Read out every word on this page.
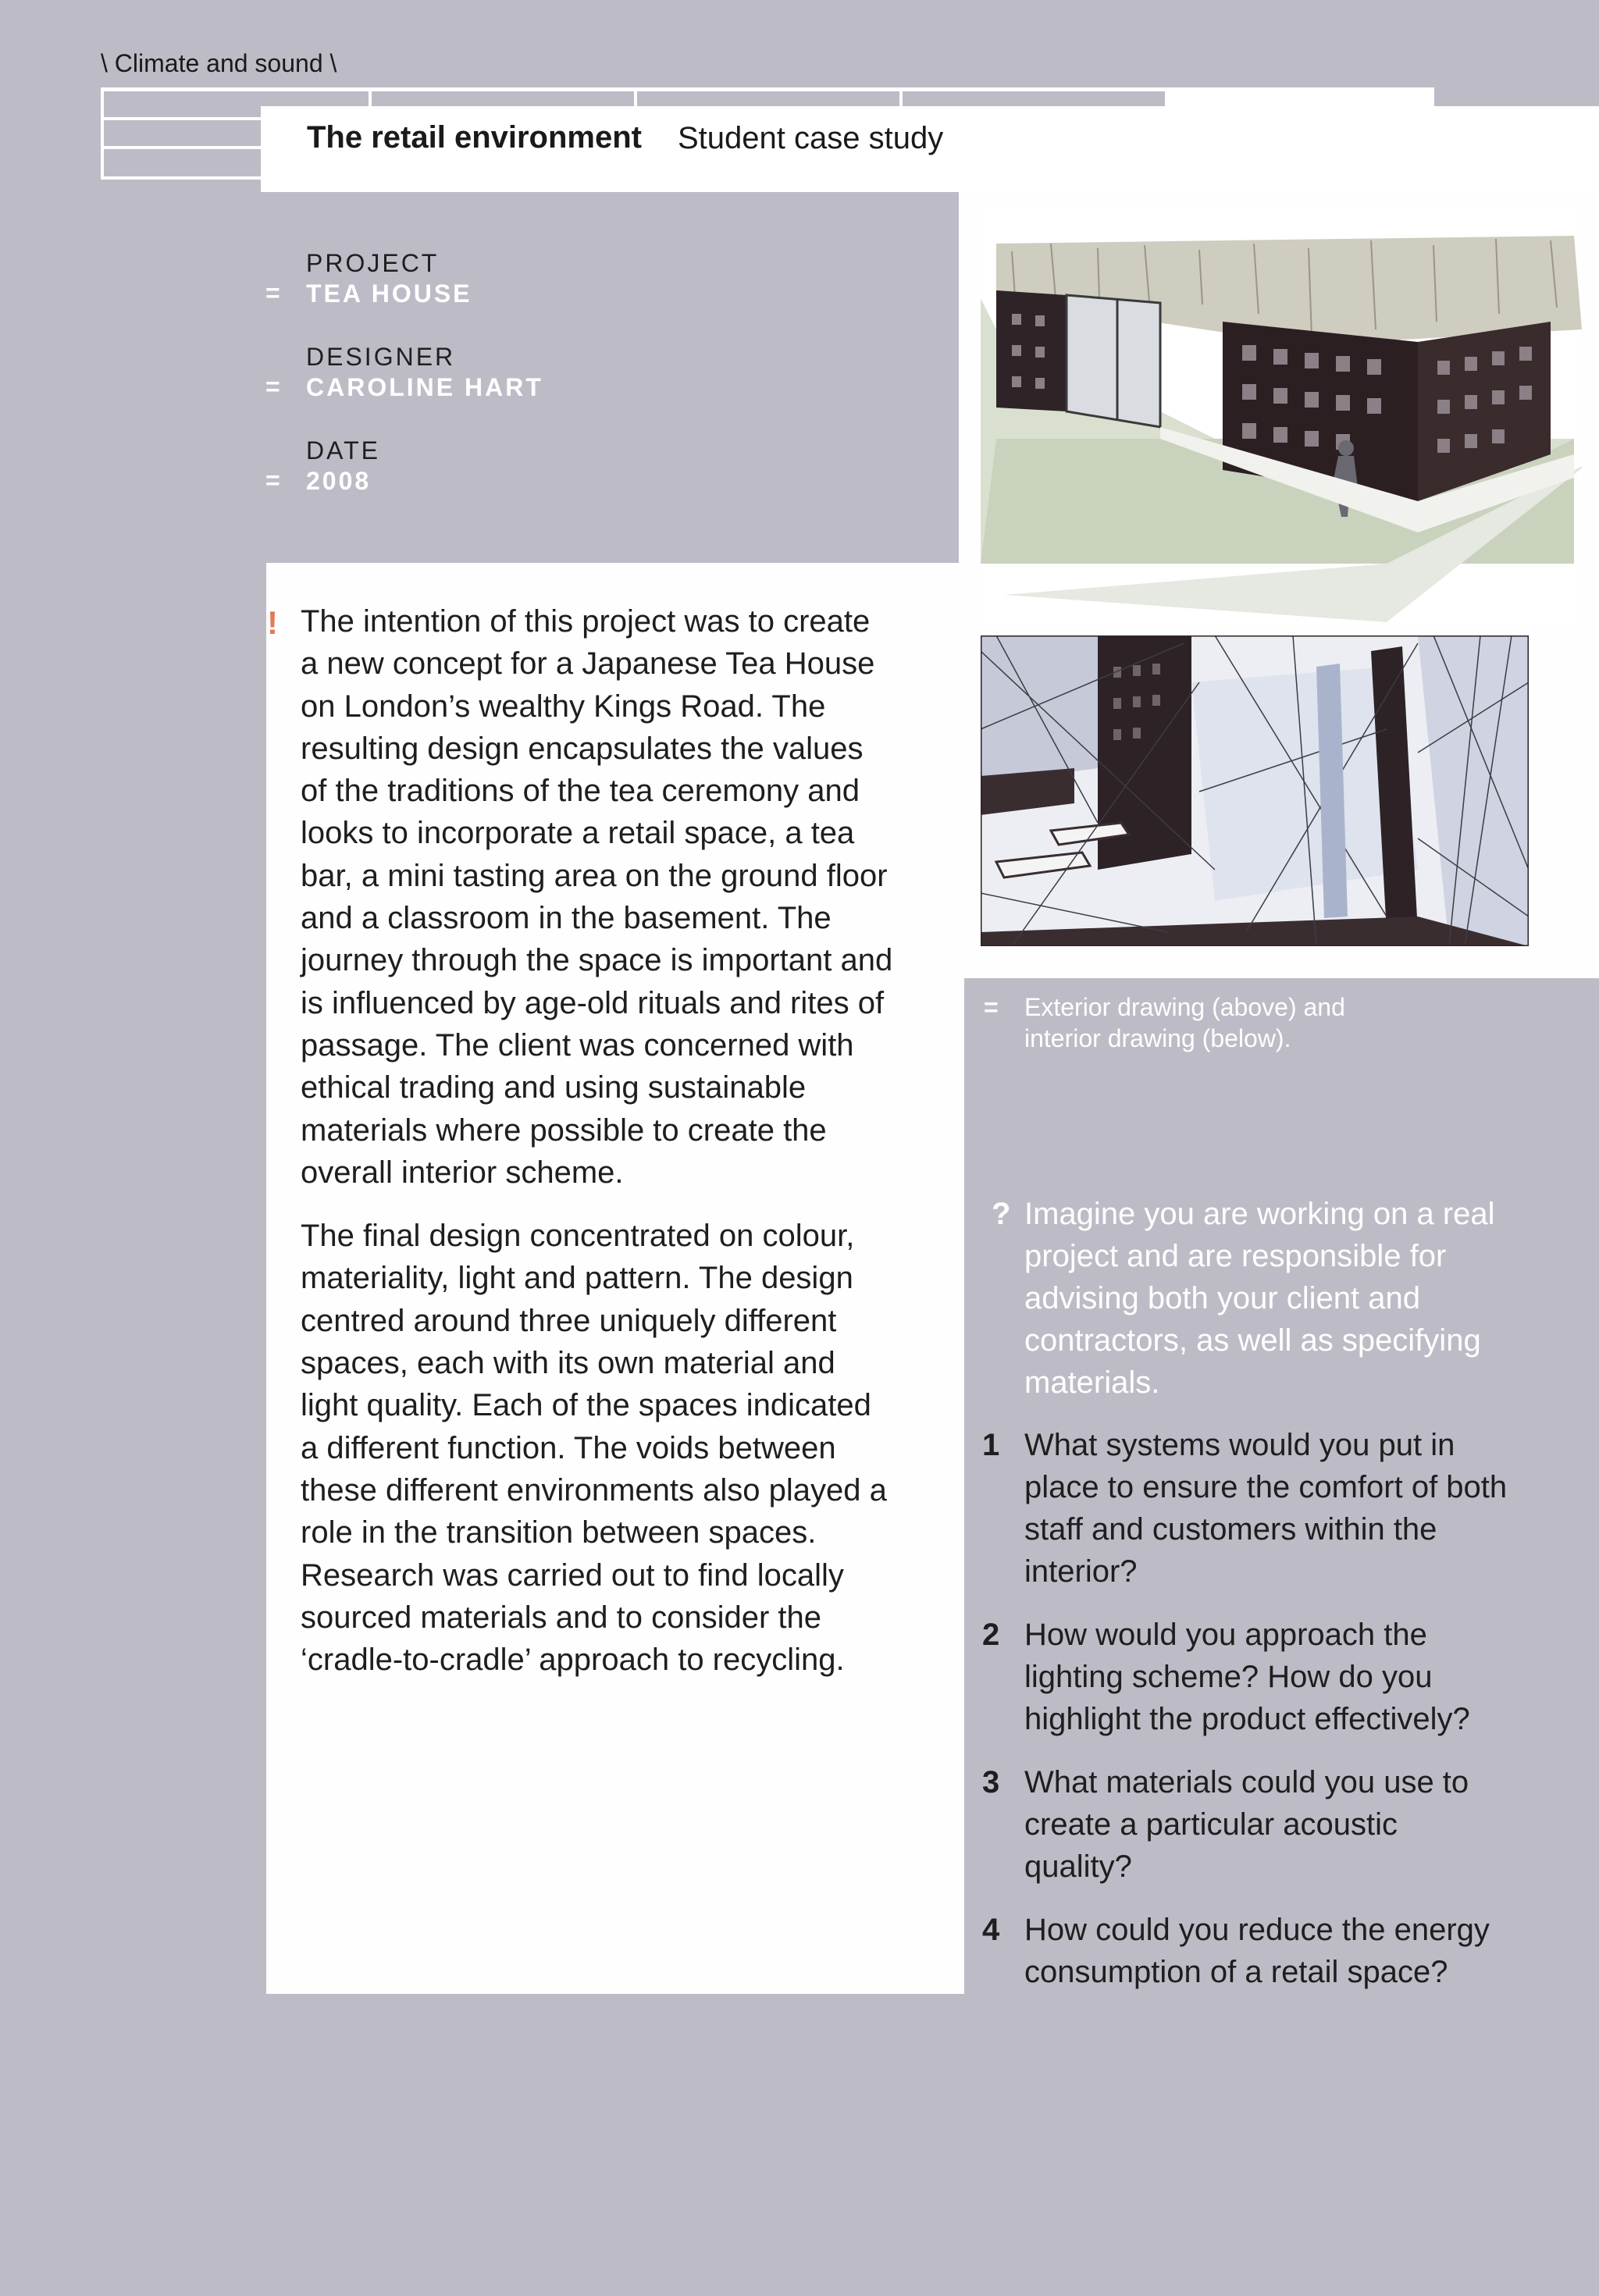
\ Climate and sound \
The retail environment Student case study
PROJECT
TEA HOUSE
=
DESIGNER
CAROLINE HART
=
DATE
2008
=
! The intention of this project was to create a new concept for a Japanese Tea House on London’s wealthy Kings Road. The resulting design encapsulates the values of the traditions of the tea ceremony and looks to incorporate a retail space, a tea bar, a mini tasting area on the ground floor and a classroom in the basement. The journey through the space is important and is influenced by age-old rituals and rites of passage. The client was concerned with ethical trading and using sustainable materials where possible to create the overall interior scheme.

The final design concentrated on colour, materiality, light and pattern. The design centred around three uniquely different spaces, each with its own material and light quality. Each of the spaces indicated a different function. The voids between these different environments also played a role in the transition between spaces. Research was carried out to find locally sourced materials and to consider the ‘cradle-to-cradle’ approach to recycling.

=	Exterior drawing (above) and interior drawing (below).
? Imagine you are working on a real project and are responsible for advising both your client and contractors, as well as specifying materials.
1 What systems would you put in place to ensure the comfort of both staff and customers within the interior?
2 How would you approach the lighting scheme? How do you highlight the product effectively?
3 What materials could you use to create a particular acoustic quality?
4 How could you reduce the energy consumption of a retail space?
